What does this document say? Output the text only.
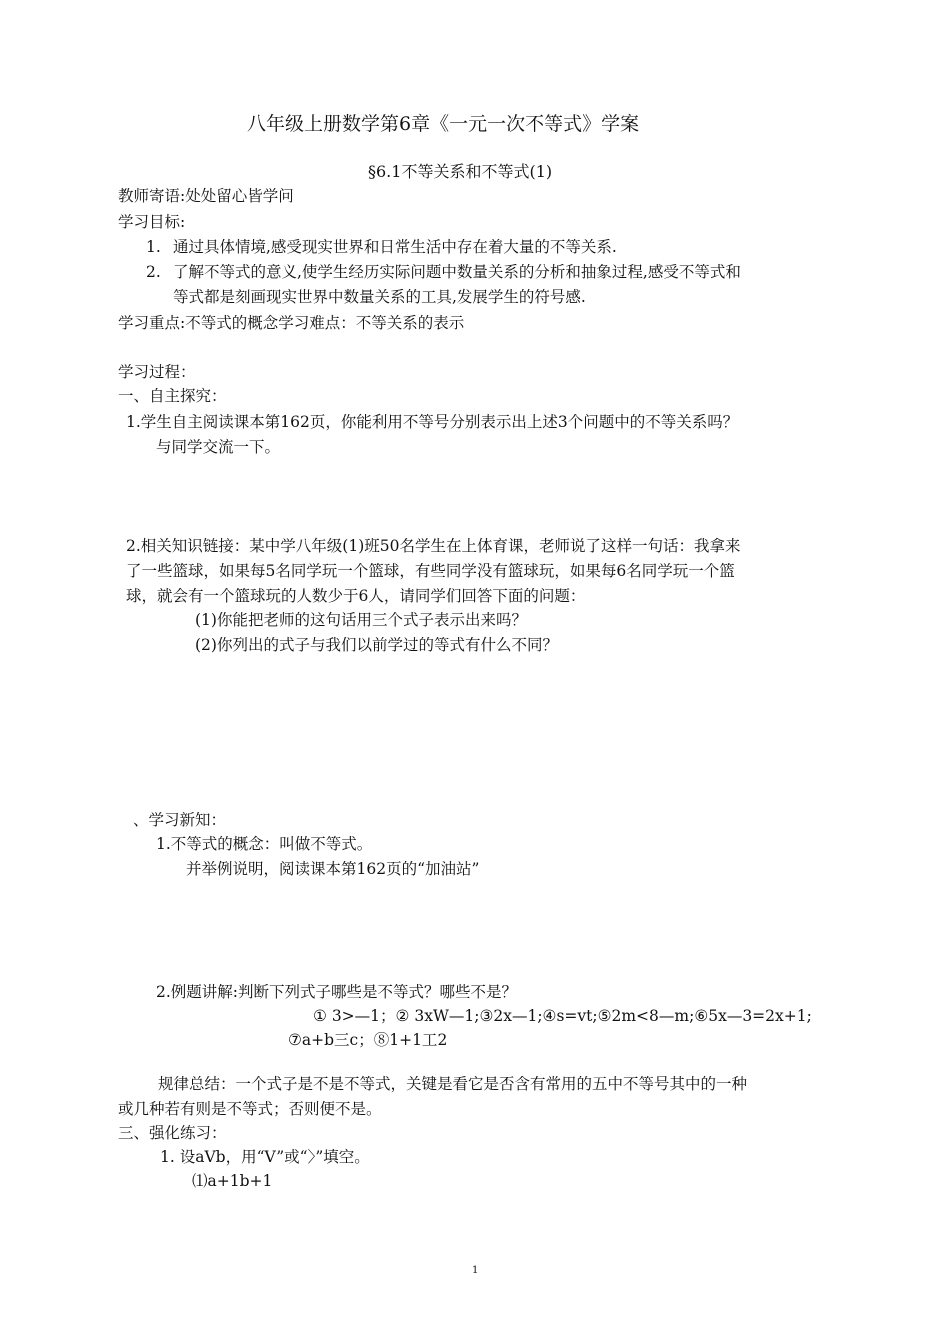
八年级上册数学第6章《一元一次不等式》学案
§6.1不等关系和不等式(1)
教师寄语:处处留心皆学问
学习目标:
1. 通过具体情境,感受现实世界和日常生活中存在着大量的不等关系.
2. 了解不等式的意义,使学生经历实际问题中数量关系的分析和抽象过程,感受不等式和
等式都是刻画现实世界中数量关系的工具,发展学生的符号感.
学习重点:不等式的概念学习难点：不等关系的表示
学习过程：
一、自主探究：
1.学生自主阅读课本第162页，你能利用不等号分别表示出上述3个问题中的不等关系吗？
与同学交流一下。
2.相关知识链接：某中学八年级(1)班50名学生在上体育课，老师说了这样一句话：我拿来
了一些篮球，如果每5名同学玩一个篮球，有些同学没有篮球玩，如果每6名同学玩一个篮
球，就会有一个篮球玩的人数少于6人，请同学们回答下面的问题：
(1)你能把老师的这句话用三个式子表示出来吗？
(2)你列出的式子与我们以前学过的等式有什么不同？
、学习新知：
1.不等式的概念：叫做不等式。
并举例说明，阅读课本第162页的“加油站”
2.例题讲解:判断下列式子哪些是不等式？哪些不是？
① 3>—1；② 3xW—1;③2x—1;④s=vt;⑤2m<8—m;⑥5x—3=2x+1;
⑦a+b三c；⑧1+1工2
规律总结：一个式子是不是不等式，关键是看它是否含有常用的五中不等号其中的一种
或几种若有则是不等式；否则便不是。
三、强化练习：
1. 设aVb，用“V”或“〉”填空。
⑴a+1b+1
1
